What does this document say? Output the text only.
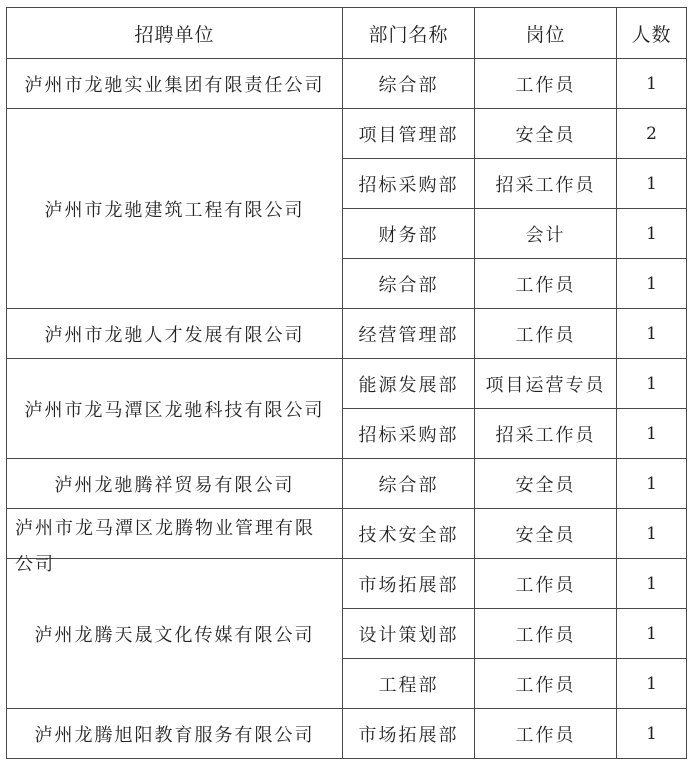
招聘单位	部门名称	岗位	人数
泸州市龙驰实业集团有限责任公司	综合部	工作员	1
泸州市龙驰建筑工程有限公司	项目管理部	安全员	2
	招标采购部	招采工作员	1
	财务部	会计	1
	综合部	工作员	1
泸州市龙驰人才发展有限公司	经营管理部	工作员	1
泸州市龙马潭区龙驰科技有限公司	能源发展部	项目运营专员	1
	招标采购部	招采工作员	1
泸州龙驰腾祥贸易有限公司	综合部	安全员	1

泸州市龙马潭区龙腾物业管理有限公司	技术安全部	安全员	1
泸州龙腾天晟文化传媒有限公司	市场拓展部	工作员	1
	设计策划部	工作员	1
	工程部	工作员	1
泸州龙腾旭阳教育服务有限公司	市场拓展部	工作员	1
